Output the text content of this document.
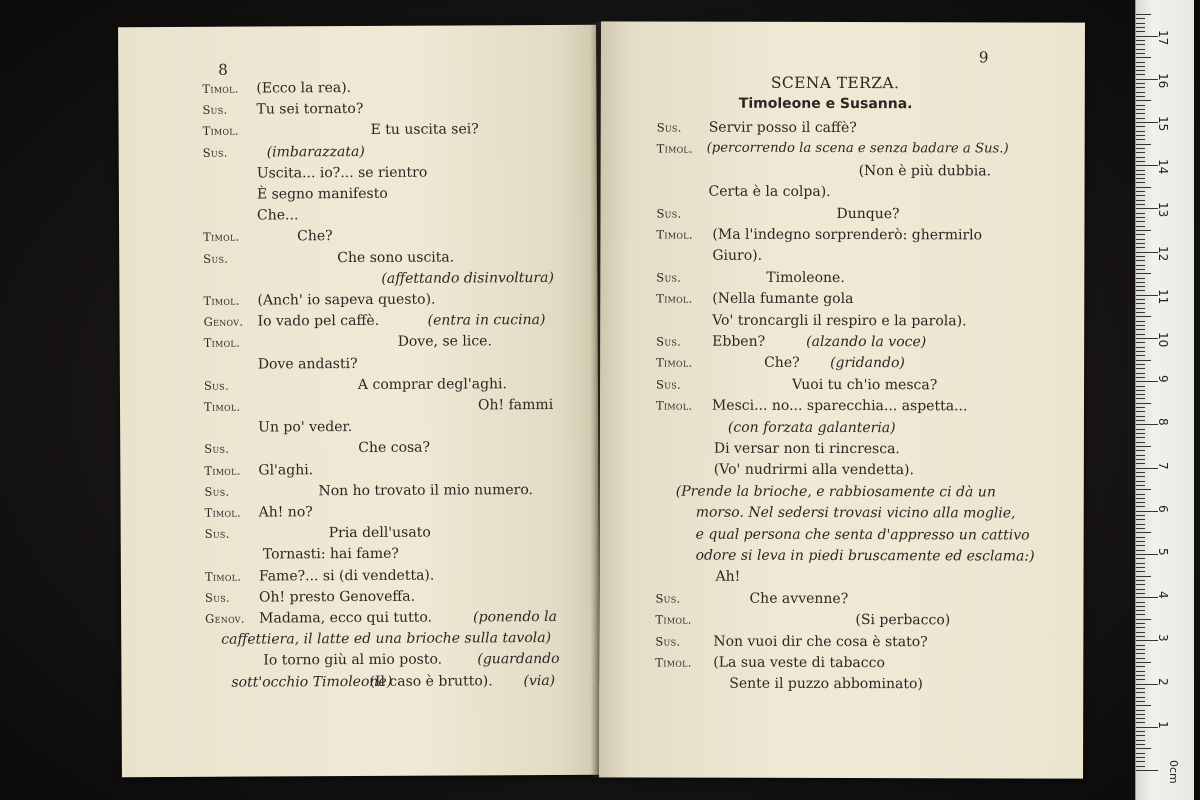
8
Timol. (Ecco la rea).
Sus. Tu sei tornato?
Timol.	E tu uscita sei?
Sus.	(imbarazzata)
Uscita... io?... se rientro
È segno manifesto
Che...
Timol.	Che?
Sus.	Che sono uscita.
(affettando disinvoltura)
Timol. (Anch' io sapeva questo).
Genov. Io vado pel caffè.	(entra in cucina)
Timol.	Dove, se lice.
Dove andasti?
Sus.	A comprar degl'aghi.
Timol.	Oh! fammi
Un po' veder.
Sus.	Che cosa?
Timol. Gl'aghi.
Sus.	Non ho trovato il mio numero.
Timol. Ah! no?
Sus.	Pria dell'usato
Tornasti: hai fame?
Timol. Fame?... si (di vendetta).
Sus. Oh! presto Genoveffa.
Genov. Madama, ecco qui tutto.	(ponendo la
caffettiera, il latte ed una brioche sulla tavola)
Io torno giù al mio posto.	(guardando
sott'occhio Timoleone)
(Il caso è brutto). (via)
9
SCENA TERZA.
Timoleone e Susanna.
Sus. Servir posso il caffè?
Timol. (percorrendo la scena e senza badare a Sus.)
(Non è più dubbia.
Certa è la colpa).
Sus.	Dunque?
Timol. (Ma l'indegno sorprenderò: ghermirlo
Giuro).
Sus.	Timoleone.
Timol. (Nella fumante gola
Vo' troncargli il respiro e la parola).
Sus. Ebben?	(alzando la voce)
Timol.	Che? (gridando)
Sus.	Vuoi tu ch'io mesca?
Timol. Mesci... no... sparecchia... aspetta...
(con forzata galanteria)
Di versar non ti rincresca.
(Vo' nudrirmi alla vendetta).
(Prende la brioche, e rabbiosamente ci dà un
morso. Nel sedersi trovasi vicino alla moglie,
e qual persona che senta d'appresso un cattivo
odore si leva in piedi bruscamente ed esclama:)
Ah!
Sus.	Che avvenne?
Timol.	(Si perbacco)
Sus. Non vuoi dir che cosa è stato?
Timol. (La sua veste di tabacco
Sente il puzzo abbominato)
1
2
3
4
5
6
7
8
9
10
11
12
13
14
15
16
17
0cm
